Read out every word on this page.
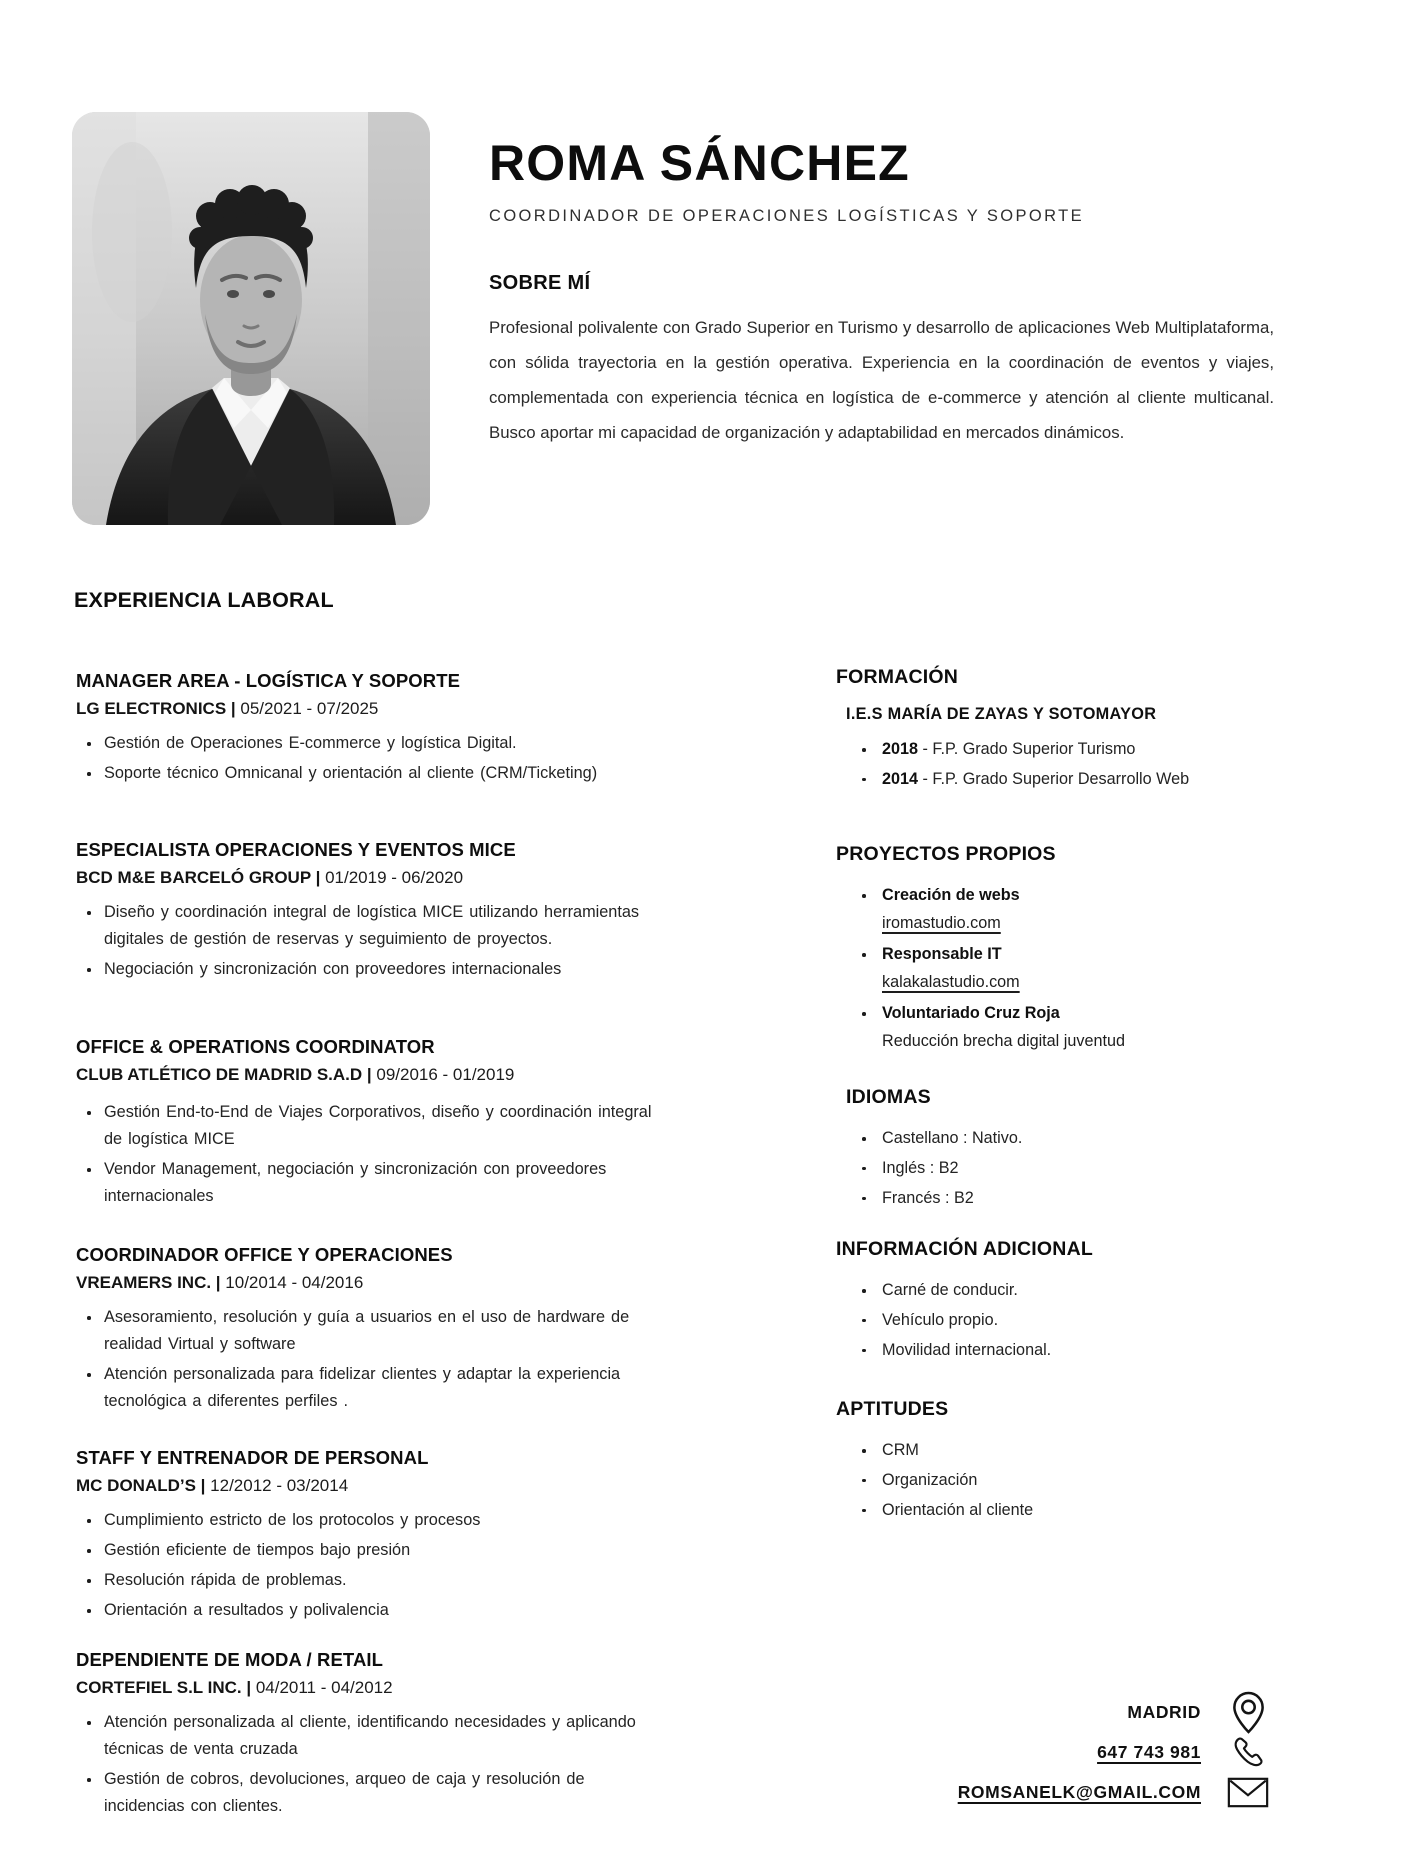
ROMA SÁNCHEZ
COORDINADOR DE OPERACIONES LOGÍSTICAS Y SOPORTE
SOBRE MÍ

Profesional polivalente con Grado Superior en Turismo y desarrollo de aplicaciones Web Multiplataforma, con sólida trayectoria en la gestión operativa. Experiencia en la coordinación de eventos y viajes, complementada con experiencia técnica en logística de e-commerce y atención al cliente multicanal. Busco aportar mi capacidad de organización y adaptabilidad en mercados dinámicos.

EXPERIENCIA LABORAL
MANAGER AREA - LOGÍSTICA Y SOPORTE
LG ELECTRONICS | 05/2021 - 07/2025
Gestión de Operaciones E-commerce y logística Digital.
Soporte técnico Omnicanal y orientación al cliente (CRM/Ticketing)
ESPECIALISTA OPERACIONES Y EVENTOS MICE
BCD M&E BARCELÓ GROUP | 01/2019 - 06/2020
Diseño y coordinación integral de logística MICE utilizando herramientas digitales de gestión de reservas y seguimiento de proyectos.
Negociación y sincronización con proveedores internacionales
OFFICE & OPERATIONS COORDINATOR
CLUB ATLÉTICO DE MADRID S.A.D | 09/2016 - 01/2019
Gestión End-to-End de Viajes Corporativos, diseño y coordinación integral de logística MICE
Vendor Management, negociación y sincronización con proveedores internacionales
COORDINADOR OFFICE Y OPERACIONES
VREAMERS INC. | 10/2014 - 04/2016
Asesoramiento, resolución y guía a usuarios en el uso de hardware de realidad Virtual y software
Atención personalizada para fidelizar clientes y adaptar la experiencia tecnológica a diferentes perfiles .
STAFF Y ENTRENADOR DE PERSONAL
MC DONALD’S | 12/2012 - 03/2014
Cumplimiento estricto de los protocolos y procesos
Gestión eficiente de tiempos bajo presión
Resolución rápida de problemas.
Orientación a resultados y polivalencia
DEPENDIENTE DE MODA / RETAIL
CORTEFIEL S.L INC. | 04/2011 - 04/2012
Atención personalizada al cliente, identificando necesidades y aplicando técnicas de venta cruzada
Gestión de cobros, devoluciones, arqueo de caja y resolución de incidencias con clientes.
FORMACIÓN
I.E.S MARÍA DE ZAYAS Y SOTOMAYOR
2018 - F.P. Grado Superior Turismo
2014 - F.P. Grado Superior Desarrollo Web
PROYECTOS PROPIOS
Creación de webs
iromastudio.com
Responsable IT
kalakalastudio.com
Voluntariado Cruz Roja
Reducción brecha digital juventud
IDIOMAS
Castellano : Nativo.
Inglés : B2
Francés : B2
INFORMACIÓN ADICIONAL
Carné de conducir.
Vehículo propio.
Movilidad internacional.
APTITUDES
CRM
Organización
Orientación al cliente
MADRID
647 743 981
ROMSANELK@GMAIL.COM
